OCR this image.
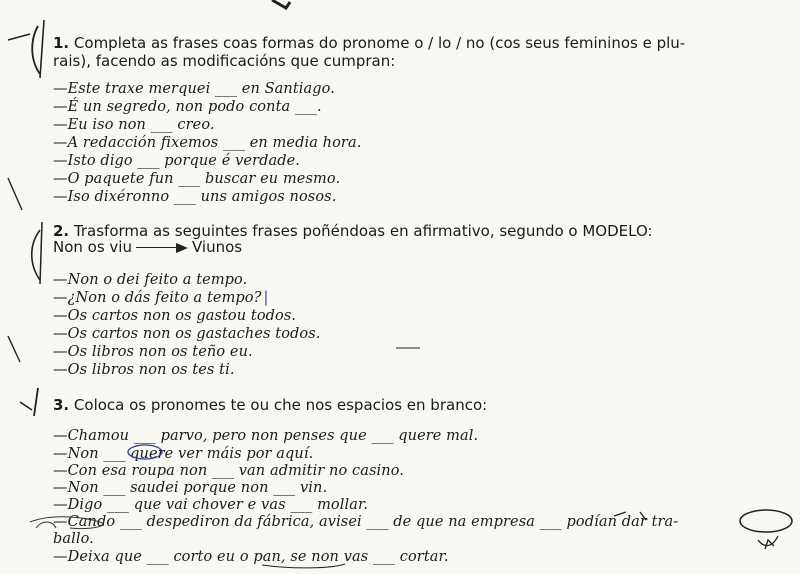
1. Completa as frases coas formas do pronome o / lo / no (cos seus femininos e plu-
rais), facendo as modificacións que cumpran:
—Este traxe merquei ___ en Santiago.
—É un segredo, non podo conta ___.
—Eu iso non ___ creo.
—A redacción fixemos ___ en media hora.
—Isto digo ___ porque é verdade.
—O paquete fun ___ buscar eu mesmo.
—Iso dixéronno ___ uns amigos nosos.
2. Trasforma as seguintes frases poñéndoas en afirmativo, segundo o MODELO:
Non os viu	Viunos
—Non o dei feito a tempo.
—¿Non o dás feito a tempo? |
—Os cartos non os gastou todos.
—Os cartos non os gastaches todos.
—Os libros non os teño eu.
—Os libros non os tes ti.
3. Coloca os pronomes te ou che nos espacios en branco:
—Chamou ___ parvo, pero non penses que ___ quere mal.
—Non ___ quere ver máis por aquí.
—Con esa roupa non ___ van admitir no casino.
—Non ___ saudei porque non ___ vin.
—Digo ___ que vai chover e vas ___ mollar.
—Cando ___ despediron da fábrica, avisei ___ de que na empresa ___ podían dar tra-
ballo.
—Deixa que ___ corto eu o pan, se non vas ___ cortar.
